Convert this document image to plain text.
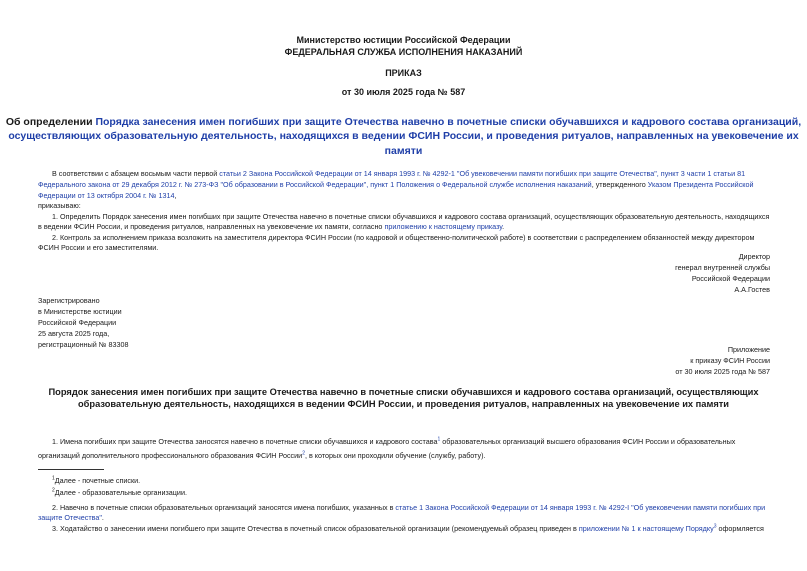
Министерство юстиции Российской Федерации
ФЕДЕРАЛЬНАЯ СЛУЖБА ИСПОЛНЕНИЯ НАКАЗАНИЙ
ПРИКАЗ
от 30 июля 2025 года № 587
Об определении Порядка занесения имен погибших при защите Отечества навечно в почетные списки обучавшихся и кадрового состава организаций,
осуществляющих образовательную деятельность, находящихся в ведении ФСИН России, и проведения ритуалов, направленных на увековечение их памяти
В соответствии с абзацем восьмым части первой статьи 2 Закона Российской Федерации от 14 января 1993 г. № 4292-1 "Об увековечении памяти погибших при защите Отечества", пункт 3 части 1 статьи 81
Федерального закона от 29 декабря 2012 г. № 273-ФЗ "Об образовании в Российской Федерации", пункт 1 Положения о Федеральной службе исполнения наказаний, утвержденного Указом Президента Российской
Федерации от 13 октября 2004 г. № 1314,
приказываю:
1. Определить Порядок занесения имен погибших при защите Отечества навечно в почетные списки обучавшихся и кадрового состава организаций, осуществляющих образовательную деятельность, находящихся
в ведении ФСИН России, и проведения ритуалов, направленных на увековечение их памяти, согласно приложению к настоящему приказу.
2. Контроль за исполнением приказа возложить на заместителя директора ФСИН России (по кадровой и общественно-политической работе) в соответствии с распределением обязанностей между директором
ФСИН России и его заместителями.
Директор
генерал внутренней службы
Российской Федерации
А.А.Гостев
Зарегистрировано
в Министерстве юстиции
Российской Федерации
25 августа 2025 года,
регистрационный № 83308
Приложение
к приказу ФСИН России
от 30 июля 2025 года № 587
Порядок занесения имен погибших при защите Отечества навечно в почетные списки обучавшихся и кадрового состава организаций, осуществляющих
образовательную деятельность, находящихся в ведении ФСИН России, и проведения ритуалов, направленных на увековечение их памяти
1. Имена погибших при защите Отечества заносятся навечно в почетные списки обучавшихся и кадрового состава$^1$ образовательных организаций высшего образования ФСИН России и образовательных
организаций дополнительного профессионального образования ФСИН России$^2$, в которых они проходили обучение (службу, работу).
$^1$Далее - почетные списки.
$^2$Далее - образовательные организации.
2. Навечно в почетные списки образовательных организаций заносятся имена погибших, указанных в статье 1 Закона Российской Федерации от 14 января 1993 г. № 4292-I "Об увековечении памяти погибших при
защите Отечества".
3. Ходатайство о занесении имени погибшего при защите Отечества в почетный список образовательной организации (рекомендуемый образец приведен в приложении № 1 к настоящему Порядку$^3$ оформляется
